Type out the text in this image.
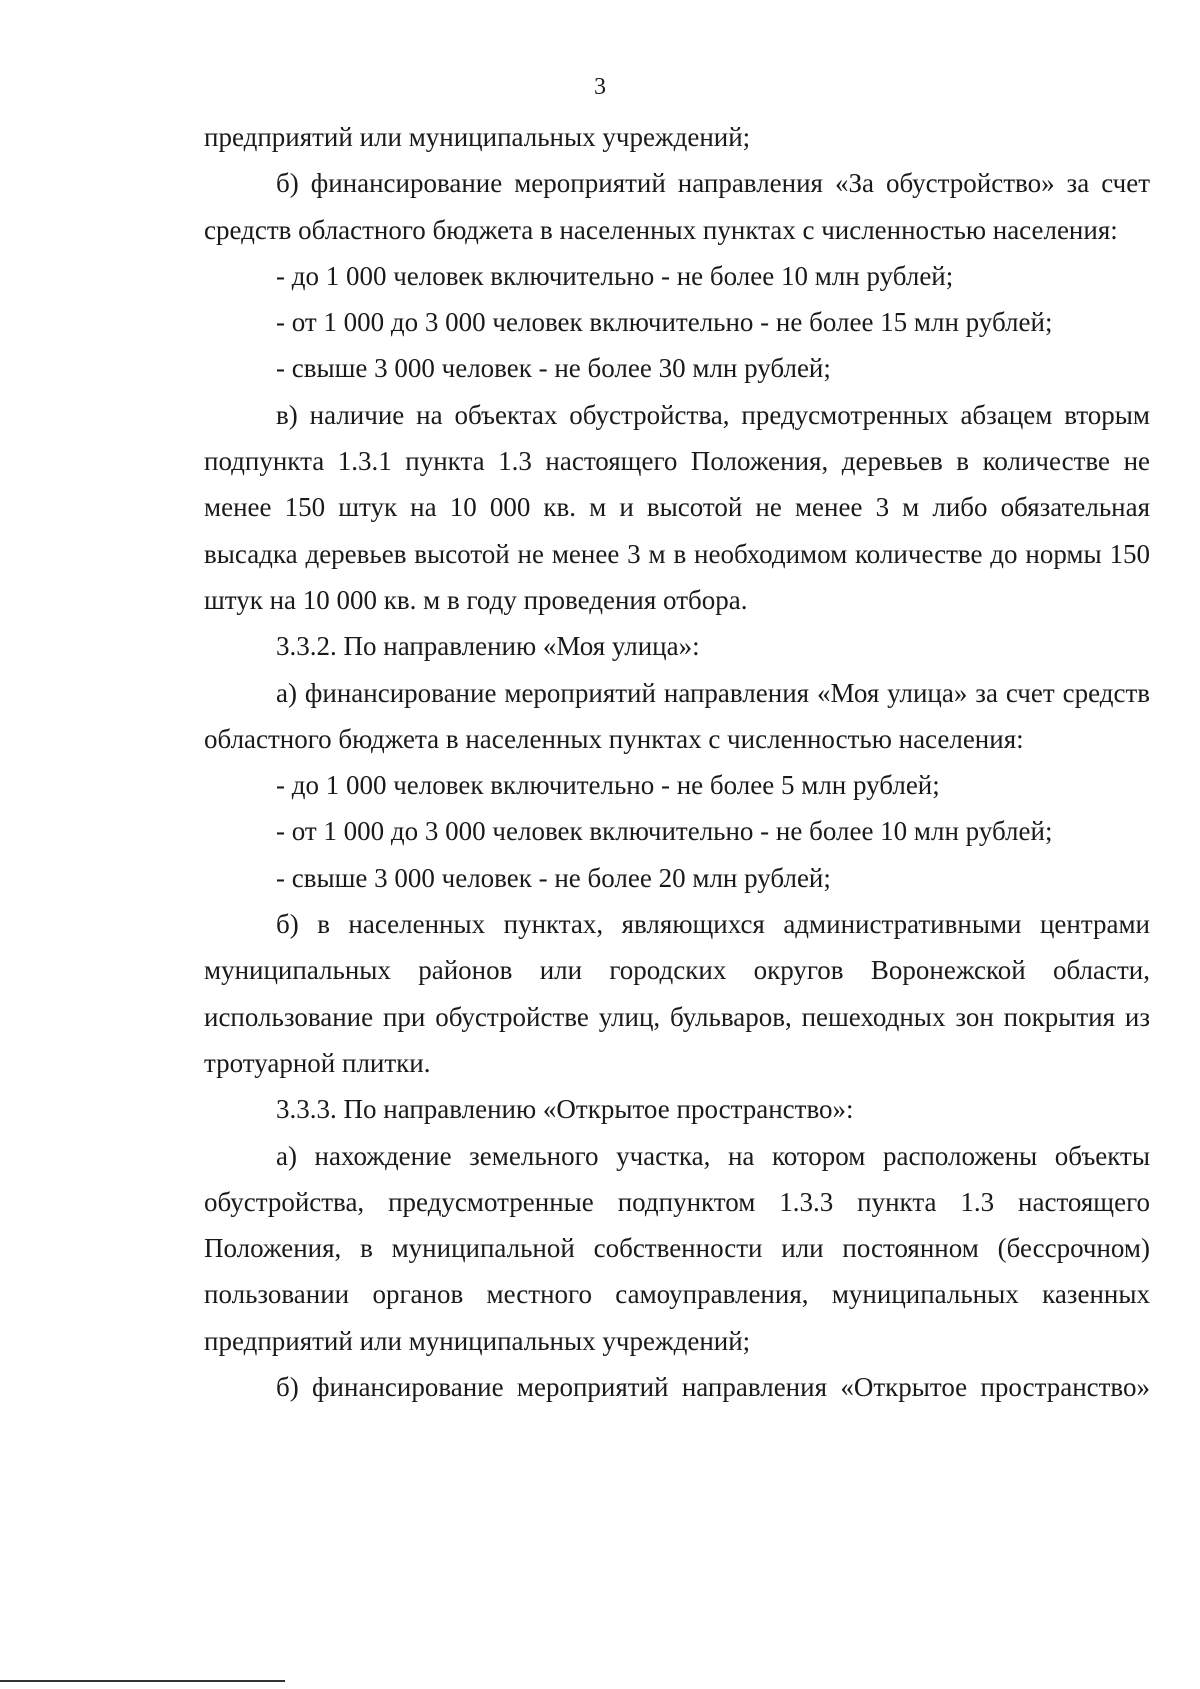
3

предприятий или муниципальных учреждений;

б) финансирование мероприятий направления «За обустройство» за счет средств областного бюджета в населенных пунктах с численностью населения:

- до 1 000 человек включительно - не более 10 млн рублей;

- от 1 000 до 3 000 человек включительно - не более 15 млн рублей;

- свыше 3 000 человек - не более 30 млн рублей;

в) наличие на объектах обустройства, предусмотренных абзацем вторым подпункта 1.3.1 пункта 1.3 настоящего Положения, деревьев в количестве не менее 150 штук на 10 000 кв. м и высотой не менее 3 м либо обязательная высадка деревьев высотой не менее 3 м в необходимом количестве до нормы 150 штук на 10 000 кв. м в году проведения отбора.

3.3.2. По направлению «Моя улица»:

а) финансирование мероприятий направления «Моя улица» за счет средств областного бюджета в населенных пунктах с численностью населения:

- до 1 000 человек включительно - не более 5 млн рублей;

- от 1 000 до 3 000 человек включительно - не более 10 млн рублей;

- свыше 3 000 человек - не более 20 млн рублей;

б) в населенных пунктах, являющихся административными центрами муниципальных районов или городских округов Воронежской области, использование при обустройстве улиц, бульваров, пешеходных зон покрытия из тротуарной плитки.

3.3.3. По направлению «Открытое пространство»:

а) нахождение земельного участка, на котором расположены объекты обустройства, предусмотренные подпунктом 1.3.3 пункта 1.3 настоящего Положения, в муниципальной собственности или постоянном (бессрочном) пользовании органов местного самоуправления, муниципальных казенных предприятий или муниципальных учреждений;

б) финансирование мероприятий направления «Открытое пространство»
